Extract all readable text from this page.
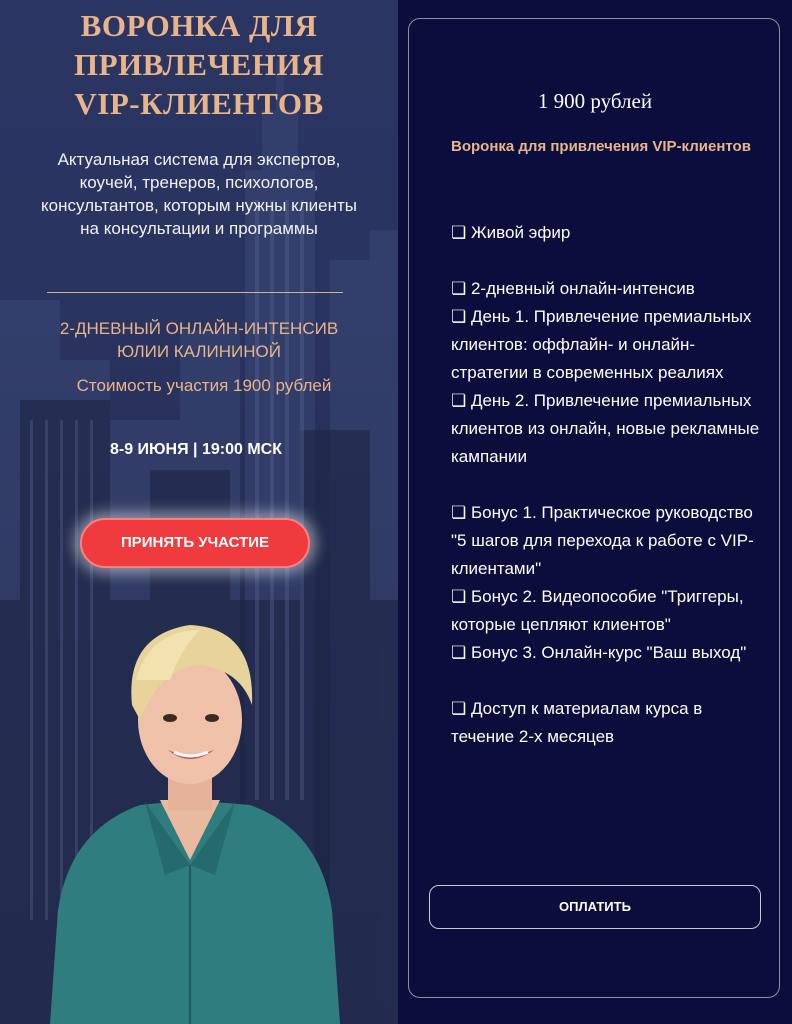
ВОРОНКА ДЛЯ
ПРИВЛЕЧЕНИЯ
VIP-КЛИЕНТОВ

Актуальная система для экспертов, коучей, тренеров, психологов, консультантов, которым нужны клиенты на консультации и программы

2-ДНЕВНЫЙ ОНЛАЙН-ИНТЕНСИВ
ЮЛИИ КАЛИНИНОЙ
Стоимость участия 1900 рублей
8-9 ИЮНЯ | 19:00 МСК
ПРИНЯТЬ УЧАСТИЕ
1 900 рублей
Воронка для привлечения VIP-клиентов
❏ Живой эфир
❏ 2-дневный онлайн-интенсив
❏ День 1. Привлечение премиальных клиентов: оффлайн- и онлайн- стратегии в современных реалиях
❏ День 2. Привлечение премиальных клиентов из онлайн, новые рекламные кампании
❏ Бонус 1. Практическое руководство "5 шагов для перехода к работе с VIP-клиентами"
❏ Бонус 2. Видеопособие "Триггеры, которые цепляют клиентов"
❏ Бонус 3. Онлайн-курс "Ваш выход"
❏ Доступ к материалам курса в течение 2-х месяцев
ОПЛАТИТЬ
